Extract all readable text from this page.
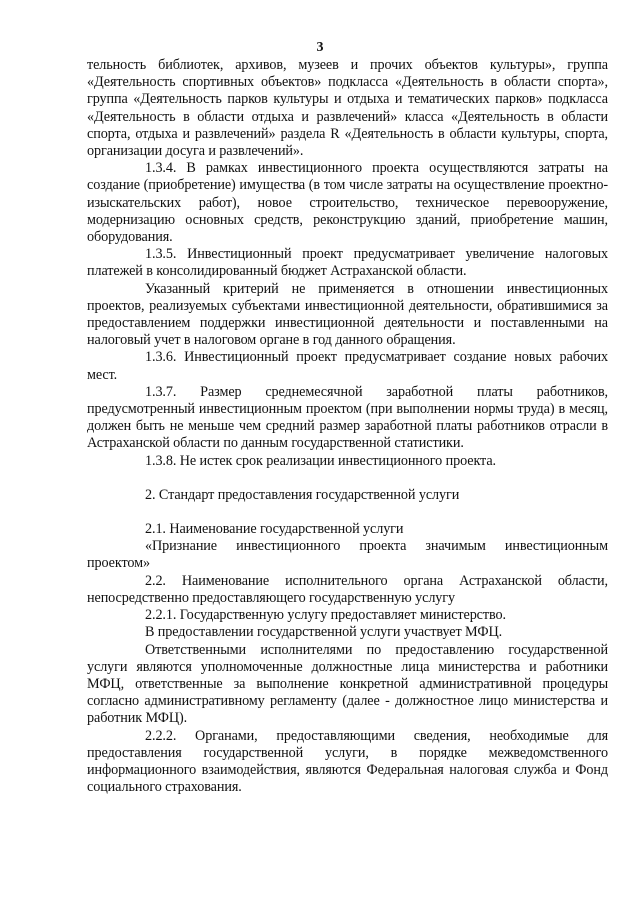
3

тельность библиотек, архивов, музеев и прочих объектов культуры», группа «Деятельность спортивных объектов» подкласса «Деятельность в области спорта», группа «Деятельность парков культуры и отдыха и тематических парков» подкласса «Деятельность в области отдыха и развлечений» класса «Деятельность в области спорта, отдыха и развлечений» раздела R «Деятельность в области культуры, спорта, организации досуга и развлечений».

1.3.4. В рамках инвестиционного проекта осуществляются затраты на создание (приобретение) имущества (в том числе затраты на осуществление проектно-изыскательских работ), новое строительство, техническое перевооружение, модернизацию основных средств, реконструкцию зданий, приобретение машин, оборудования.

1.3.5. Инвестиционный проект предусматривает увеличение налоговых платежей в консолидированный бюджет Астраханской области.

Указанный критерий не применяется в отношении инвестиционных проектов, реализуемых субъектами инвестиционной деятельности, обратившимися за предоставлением поддержки инвестиционной деятельности и поставленными на налоговый учет в налоговом органе в год данного обращения.

1.3.6. Инвестиционный проект предусматривает создание новых рабочих мест.

1.3.7. Размер среднемесячной заработной платы работников, предусмотренный инвестиционным проектом (при выполнении нормы труда) в месяц, должен быть не меньше чем средний размер заработной платы работников отрасли в Астраханской области по данным государственной статистики.

1.3.8. Не истек срок реализации инвестиционного проекта.

2. Стандарт предоставления государственной услуги

2.1. Наименование государственной услуги

«Признание инвестиционного проекта значимым инвестиционным проектом»

2.2. Наименование исполнительного органа Астраханской области, непосредственно предоставляющего государственную услугу

2.2.1. Государственную услугу предоставляет министерство.

В предоставлении государственной услуги участвует МФЦ.

Ответственными исполнителями по предоставлению государственной услуги являются уполномоченные должностные лица министерства и работники МФЦ, ответственные за выполнение конкретной административной процедуры согласно административному регламенту (далее - должностное лицо министерства и работник МФЦ).

2.2.2. Органами, предоставляющими сведения, необходимые для предоставления государственной услуги, в порядке межведомственного информационного взаимодействия, являются Федеральная налоговая служба и Фонд социального страхования.
